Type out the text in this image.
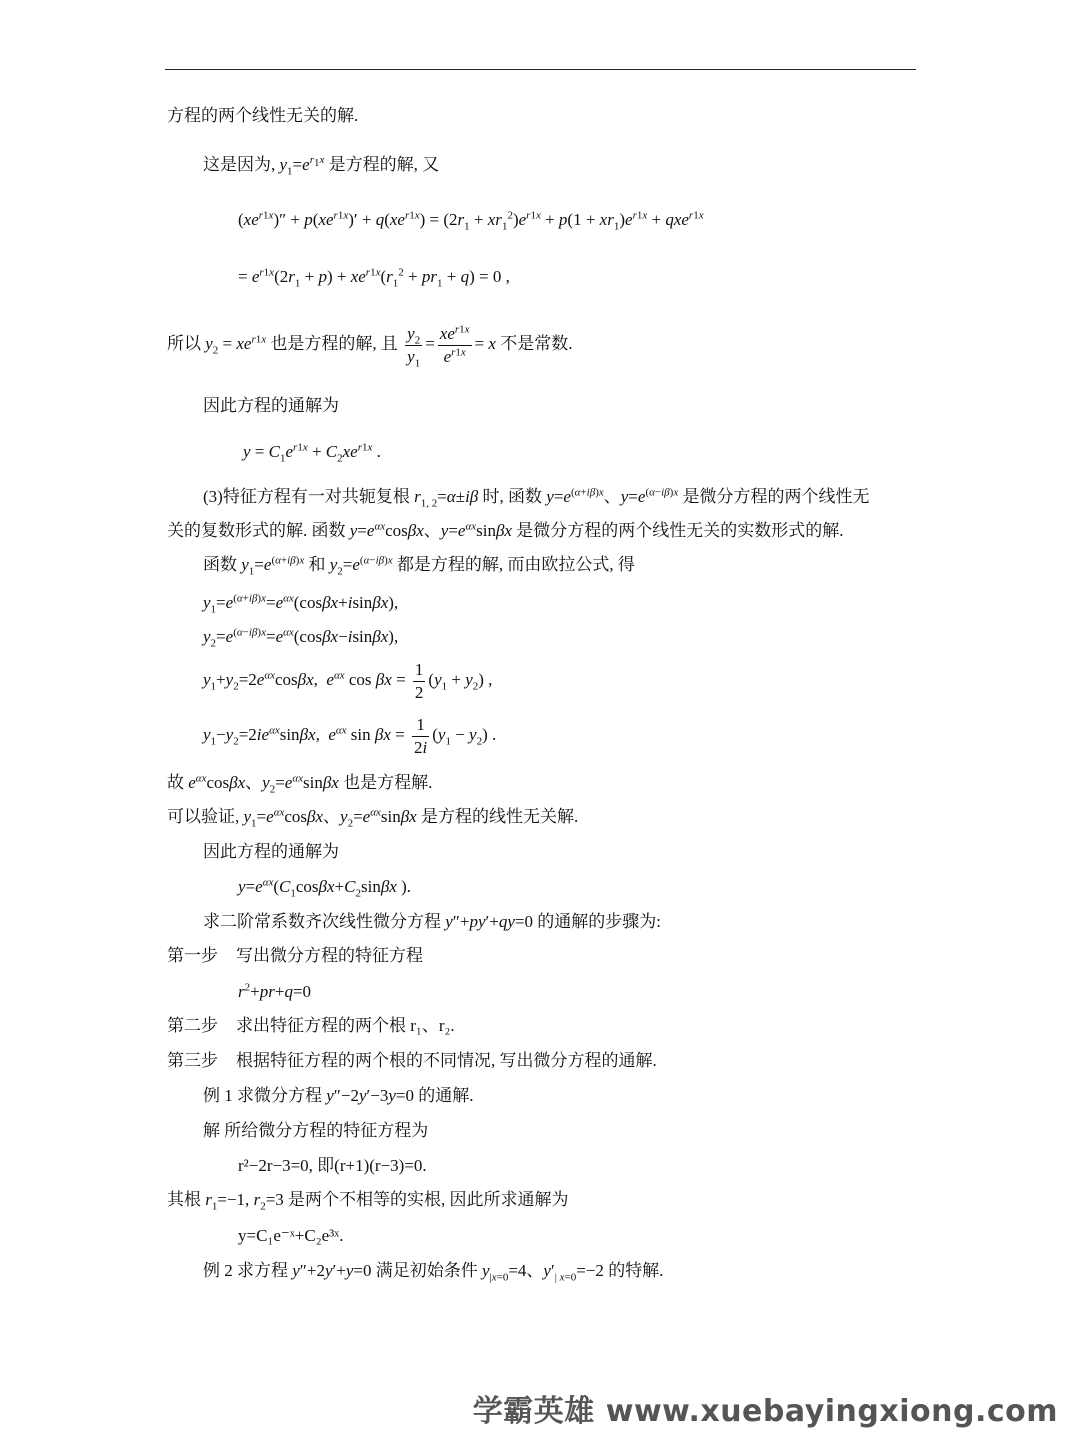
方程的两个线性无关的解.
这是因为, $y_1=e^{r_1x}$ 是方程的解, 又
$(xe^{r1x})'' + p(xe^{r1x})' + q(xe^{r1x}) = (2r_1 + xr_1^2)e^{r1x} + p(1 + xr_1)e^{r1x} + qxe^{r1x}$
= $e^{r1x}(2r_1 + p) + xe^{r1x}(r_1^2 + pr_1 + q) = 0$ ,
所以 $y_2 = xe^{r1x}$ 也是方程的解, 且 $\frac{y_2}{y_1} = \frac{xe^{r1x}}{e^{r1x}} = x$ 不是常数.
因此方程的通解为
$y = C_1e^{r1x} + C_2xe^{r1x}$ .
(3)特征方程有一对共轭复根 $r_{1, 2}=\alpha\pm i\beta$ 时, 函数 $y=e^{(\alpha+i\beta)x}$、$y=e^{(\alpha-i\beta)x}$ 是微分方程的两个线性无
关的复数形式的解. 函数 $y=e^{\alpha x}\cos\beta x$、$y=e^{\alpha x}\sin\beta x$ 是微分方程的两个线性无关的实数形式的解.
函数 $y_1=e^{(\alpha+i\beta)x}$ 和 $y_2=e^{(\alpha-i\beta)x}$ 都是方程的解, 而由欧拉公式, 得
$y_1=e^{(\alpha+i\beta)x}=e^{\alpha x}(\cos\beta x+isin\beta x)$,
$y_2=e^{(\alpha-i\beta)x}=e^{\alpha x}(\cos\beta x-isin\beta x)$,
$y_1+y_2=2e^{\alpha x}\cos\beta x$,  $e^{\alpha x}$ $\cos \beta x = \frac{1}{2} (y_1 + y_2)$ ,
$y_1-y_2=2ie^{\alpha x}\sin\beta x$,  $e^{\alpha x}$ $\sin \beta x = \frac{1}{2i} (y_1 - y_2)$ .
故 $e^{\alpha x}\cos\beta x$、$y_2=e^{\alpha x}\sin\beta x$ 也是方程解.
可以验证, $y_1=e^{\alpha x}\cos\beta x$、$y_2=e^{\alpha x}\sin\beta x$ 是方程的线性无关解.
因此方程的通解为
$y=e^{\alpha x}(C_1\cos\beta x+C_2\sin\beta x$ ).
求二阶常系数齐次线性微分方程 y″+py′+qy=0 的通解的步骤为:
第一步 写出微分方程的特征方程
$r^2+pr+q=0$
第二步 求出特征方程的两个根 r₁、r₂.
第三步 根据特征方程的两个根的不同情况, 写出微分方程的通解.
例 1 求微分方程 y″−2y′−3y=0 的通解.
解 所给微分方程的特征方程为
r²−2r−3=0, 即(r+1)(r−3)=0.
其根 $r_1=-1$, $r_2=3$ 是两个不相等的实根, 因此所求通解为
y=C₁e⁻ˣ+C₂e³ˣ.
例 2 求方程 y″+2y′+y=0 满足初始条件 $y_{|x=0}=4$、$y'_{| x=0}=-2$ 的特解.
学霸英雄 www.xuebayingxiong.com
